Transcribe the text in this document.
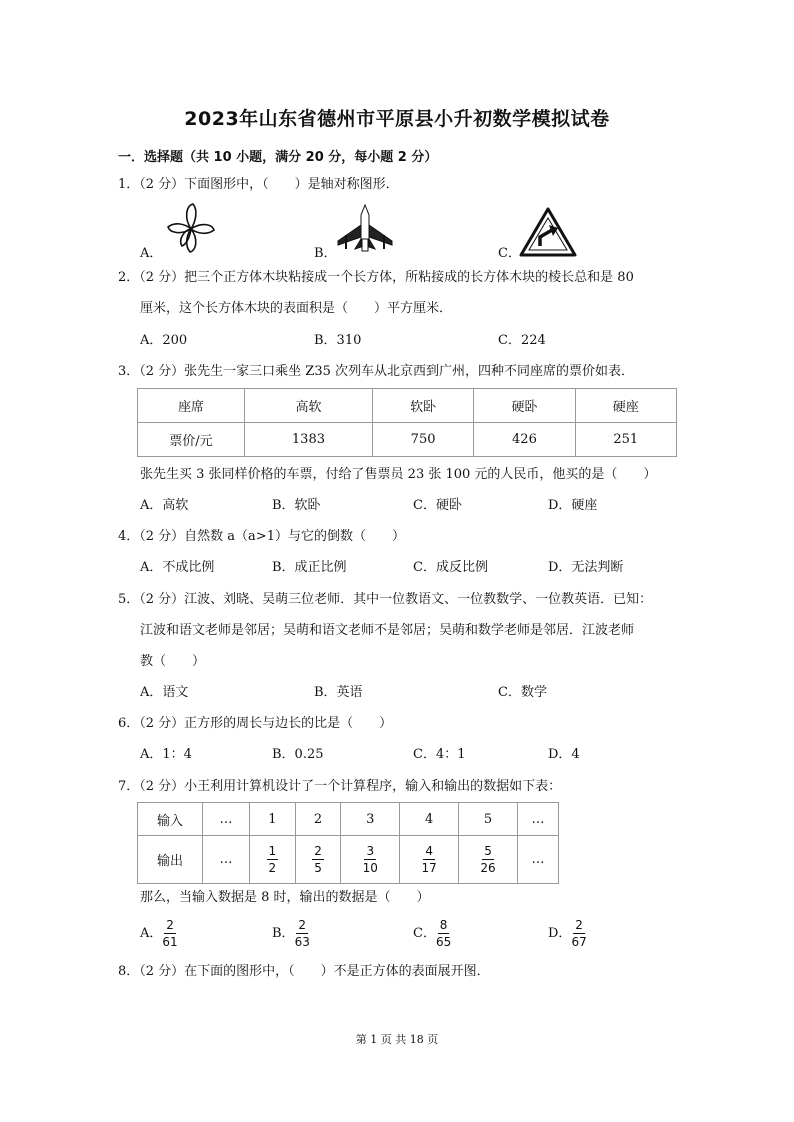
2023年山东省德州市平原县小升初数学模拟试卷
一．选择题（共 10 小题，满分 20 分，每小题 2 分）
1．（2 分）下面图形中，（　　）是轴对称图形．
A．	B．	C．
2．（2 分）把三个正方体木块粘接成一个长方体，所粘接成的长方体木块的棱长总和是 80
厘米，这个长方体木块的表面积是（　　）平方厘米．
A．200	B．310	C．224
3．（2 分）张先生一家三口乘坐 Z35 次列车从北京西到广州，四种不同座席的票价如表．
座席	高软	软卧	硬卧	硬座
票价/元	1383	750	426	251
张先生买 3 张同样价格的车票，付给了售票员 23 张 100 元的人民币，他买的是（　　）
A．高软	B．软卧	C．硬卧	D．硬座
4．（2 分）自然数 a（a>1）与它的倒数（　　）
A．不成比例	B．成正比例	C．成反比例	D．无法判断
5．（2 分）江波、刘晓、吴萌三位老师．其中一位教语文、一位教数学、一位教英语．已知：
江波和语文老师是邻居；吴萌和语文老师不是邻居；吴萌和数学老师是邻居．江波老师
教（　　）
A．语文	B．英语	C．数学
6．（2 分）正方形的周长与边长的比是（　　）
A．1：4	B．0.25	C．4：1	D．4
7．（2 分）小王利用计算机设计了一个计算程序，输入和输出的数据如下表：
输入	…	1	2	3	4	5	…
输出	…	$\frac{1}{2}$	$\frac{2}{5}$	$\frac{3}{10}$	$\frac{4}{17}$	$\frac{5}{26}$	…
那么，当输入数据是 8 时，输出的数据是（　　）
A． $\frac{2}{61}$	B． $\frac{2}{63}$	C． $\frac{8}{65}$	D． $\frac{2}{67}$
8．（2 分）在下面的图形中，（　　）不是正方体的表面展开图．
第 1 页 共 18 页
